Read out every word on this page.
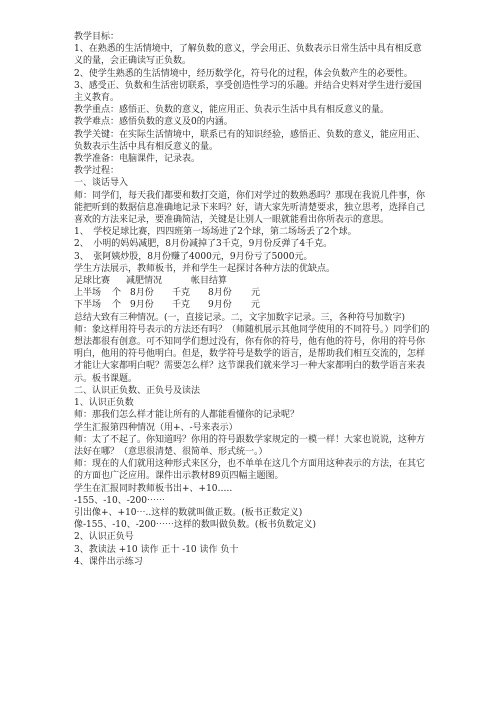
教学目标：

1、在熟悉的生活情境中，了解负数的意义，学会用正、负数表示日常生活中具有相反意义的量，会正确读写正负数。

2、使学生熟悉的生活情境中，经历数学化，符号化的过程，体会负数产生的必要性。

3、感受正、负数和生活密切联系，享受创造性学习的乐趣。并结合史料对学生进行爱国主义教育。

教学重点：感悟正、负数的意义，能应用正、负表示生活中具有相反意义的量。

教学难点：感悟负数的意义及0的内涵。

教学关键：在实际生活情境中，联系已有的知识经验，感悟正、负数的意义，能应用正、负数表示生活中具有相反意义的量。

教学准备：电脑课件，记录表。

教学过程：

一、谈话导入

师：同学们，每天我们都要和数打交道，你们对学过的数熟悉吗？那现在我说几件事，你能把听到的数据信息准确地记录下来吗？好，请大家先听清楚要求，独立思考，选择自己喜欢的方法来记录，要准确简洁，关键是让别人一眼就能看出你所表示的意思。

1、　学校足球比赛，四四班第一场场进了2个球，第二场场丢了2个球。

2、　小明的妈妈减肥，8月份减掉了3千克，9月份反弹了4千克。

3、　张阿姨炒股，8月份赚了4000元，9月份亏了5000元。

学生方法展示，教师板书，并和学生一起探讨各种方法的优缺点。

足球比赛	减肥情况	帐目结算
上半场	个 8月份	千克	8月份	元
下半场	个 9月份	千克	9月份	元

总结大致有三种情况。(一，直接记录。二，文字加数字记录。三，各种符号加数字)

师：象这样用符号表示的方法还有吗？（师随机展示其他同学使用的不同符号。）同学们的想法都很有创意。可不知同学们想过没有，你有你的符号，他有他的符号，你用的符号你明白，他用的符号他明白。但是，数学符号是数学的语言，是帮助我们相互交流的，怎样才能让大家都明白呢？需要怎么样？这节课我们就来学习一种大家都明白的数学语言来表示。板书课题。

二、认识正负数、正负号及读法

1、认识正负数

师：那我们怎么样才能让所有的人都能看懂你的记录呢？

学生汇报第四种情况（用+、-号来表示）

师：太了不起了。你知道吗？你用的符号跟数学家规定的一模一样！大家也说说，这种方法好在哪？（意思很清楚、很简单、形式统一。）

师：现在的人们就用这种形式来区分，也不单单在这几个方面用这种表示的方法，在其它的方面也广泛应用。课件出示教材89页四幅主题图。

学生在汇报同时教师板书出+、+10…..

-155、-10、-200⋯⋯

引出像+、+10⋯..这样的数就叫做正数。(板书正数定义)

像-155、-10、-200⋯⋯这样的数叫做负数。(板书负数定义)

2、认识正负号

3、教读法 +10 读作 正十 -10 读作 负十

4、课件出示练习
